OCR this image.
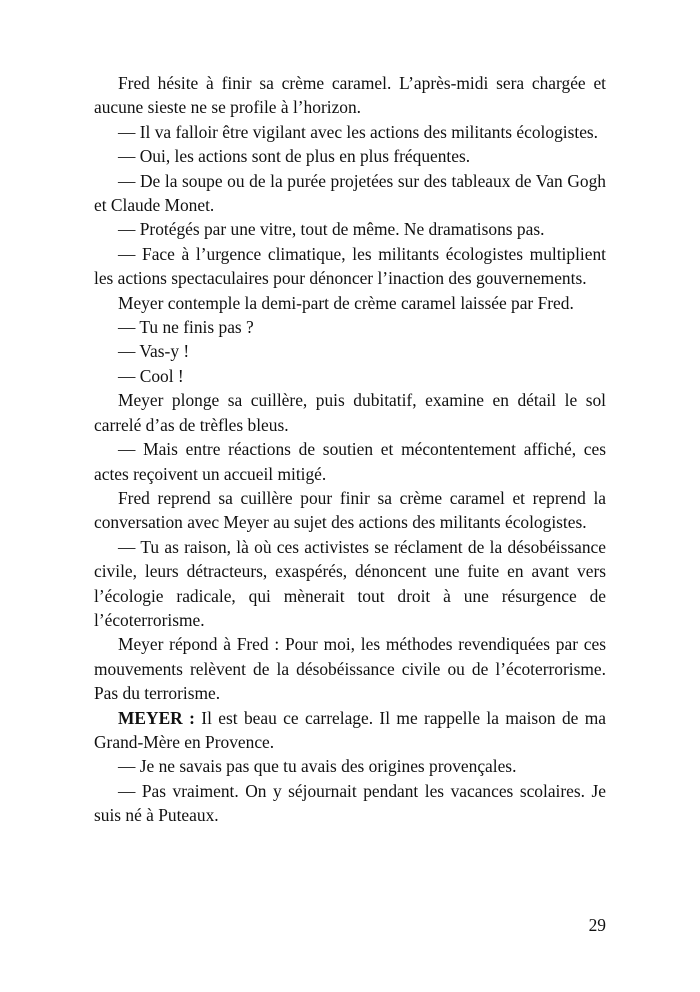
Fred hésite à finir sa crème caramel. L’après-midi sera chargée et aucune sieste ne se profile à l’horizon.

— Il va falloir être vigilant avec les actions des militants écologistes.

— Oui, les actions sont de plus en plus fréquentes.

— De la soupe ou de la purée projetées sur des tableaux de Van Gogh et Claude Monet.

— Protégés par une vitre, tout de même. Ne dramatisons pas.

— Face à l’urgence climatique, les militants écologistes multiplient les actions spectaculaires pour dénoncer l’inaction des gouvernements.

Meyer contemple la demi-part de crème caramel laissée par Fred.

— Tu ne finis pas ?

— Vas-y !

— Cool !

Meyer plonge sa cuillère, puis dubitatif, examine en détail le sol carrelé d’as de trèfles bleus.

— Mais entre réactions de soutien et mécontentement affiché, ces actes reçoivent un accueil mitigé.

Fred reprend sa cuillère pour finir sa crème caramel et reprend la conversation avec Meyer au sujet des actions des militants écologistes.

— Tu as raison, là où ces activistes se réclament de la désobéissance civile, leurs détracteurs, exaspérés, dénoncent une fuite en avant vers l’écologie radicale, qui mènerait tout droit à une résurgence de l’écoterrorisme.

Meyer répond à Fred : Pour moi, les méthodes revendiquées par ces mouvements relèvent de la désobéissance civile ou de l’écoterrorisme. Pas du terrorisme.

MEYER : Il est beau ce carrelage. Il me rappelle la maison de ma Grand-Mère en Provence.

— Je ne savais pas que tu avais des origines provençales.

— Pas vraiment. On y séjournait pendant les vacances scolaires. Je suis né à Puteaux.

29
